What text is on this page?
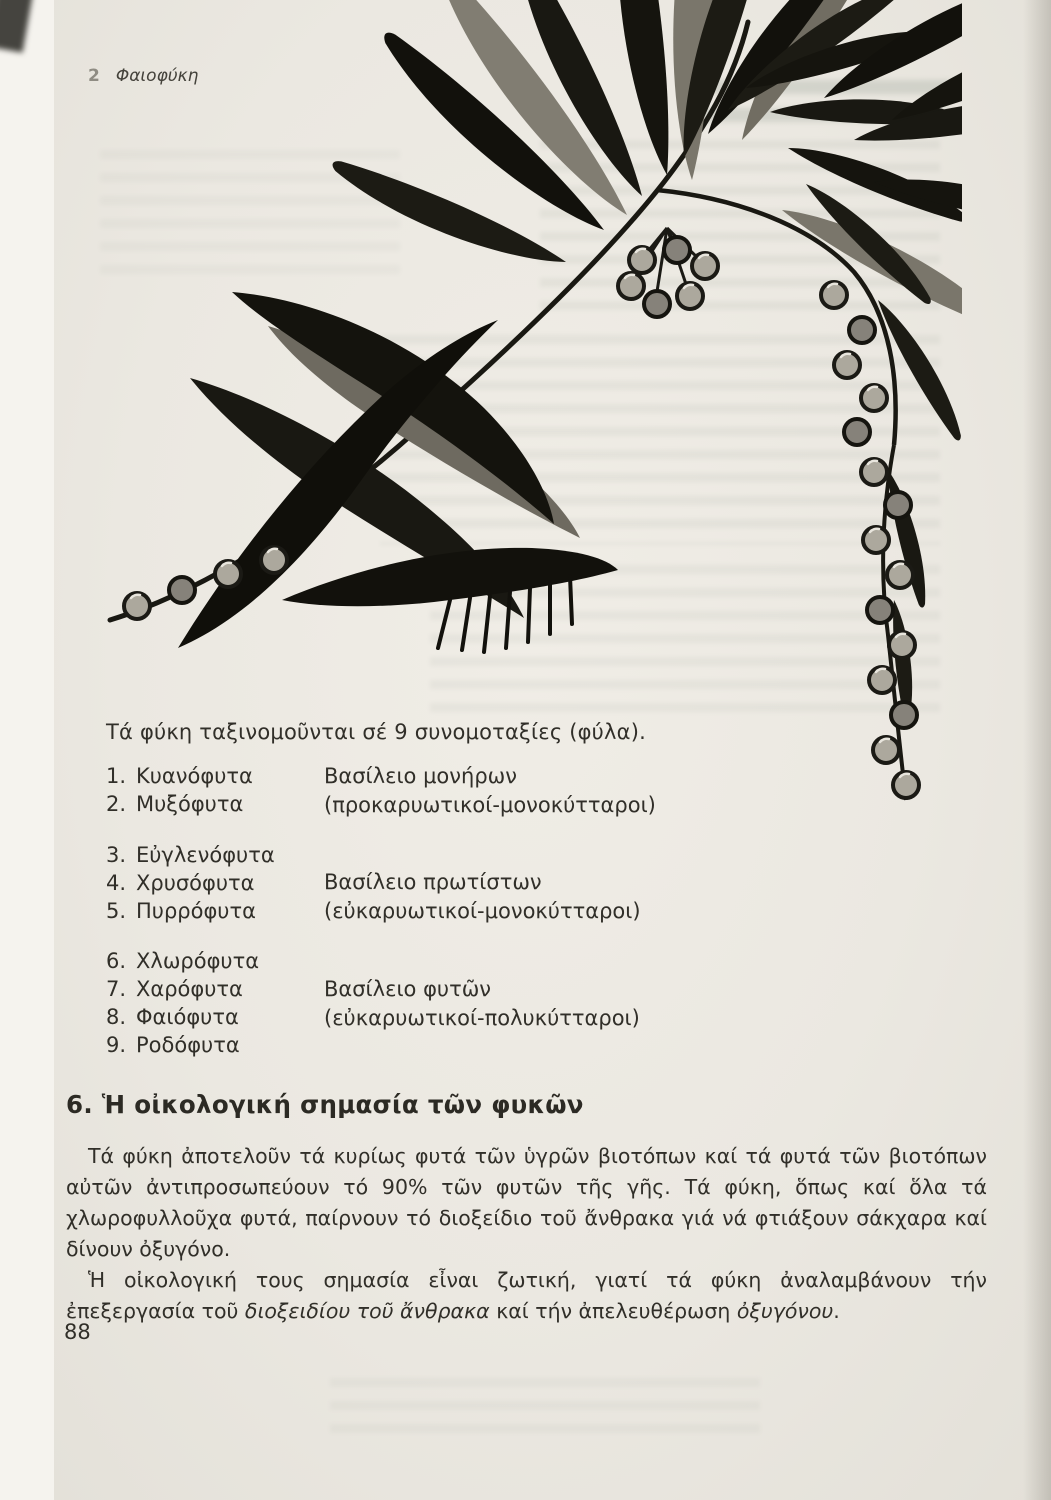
2 Φαιοφύκη

Τά φύκη ταξινομοῦνται σέ 9 συνομοταξίες (φύλα).

1. Κυανόφυτα
2. Μυξόφυτα
Βασίλειο μονήρων
(προκαρυωτικοί-μονοκύτταροι)
3. Εὐγλενόφυτα
4. Χρυσόφυτα
5. Πυρρόφυτα
Βασίλειο πρωτίστων
(εὐκαρυωτικοί-μονοκύτταροι)
6. Χλωρόφυτα
7. Χαρόφυτα
8. Φαιόφυτα
9. Ροδόφυτα
Βασίλειο φυτῶν
(εὐκαρυωτικοί-πολυκύτταροι)
6. Ἡ οἰκολογική σημασία τῶν φυκῶν

Τά φύκη ἀποτελοῦν τά κυρίως φυτά τῶν ὑγρῶν βιοτόπων καί τά φυτά τῶν βιοτόπων αὐτῶν ἀντιπροσωπεύουν τό 90% τῶν φυτῶν τῆς γῆς. Τά φύκη, ὅπως καί ὅλα τά χλωροφυλλοῦχα φυτά, παίρνουν τό διοξείδιο τοῦ ἄνθρακα γιά νά φτιάξουν σάκχαρα καί δίνουν ὀξυγόνο.

Ἡ οἰκολογική τους σημασία εἶναι ζωτική, γιατί τά φύκη ἀναλαμβάνουν τήν ἐπεξεργασία τοῦ διοξειδίου τοῦ ἄνθρακα καί τήν ἀπελευθέρωση ὀξυγόνου.

88
